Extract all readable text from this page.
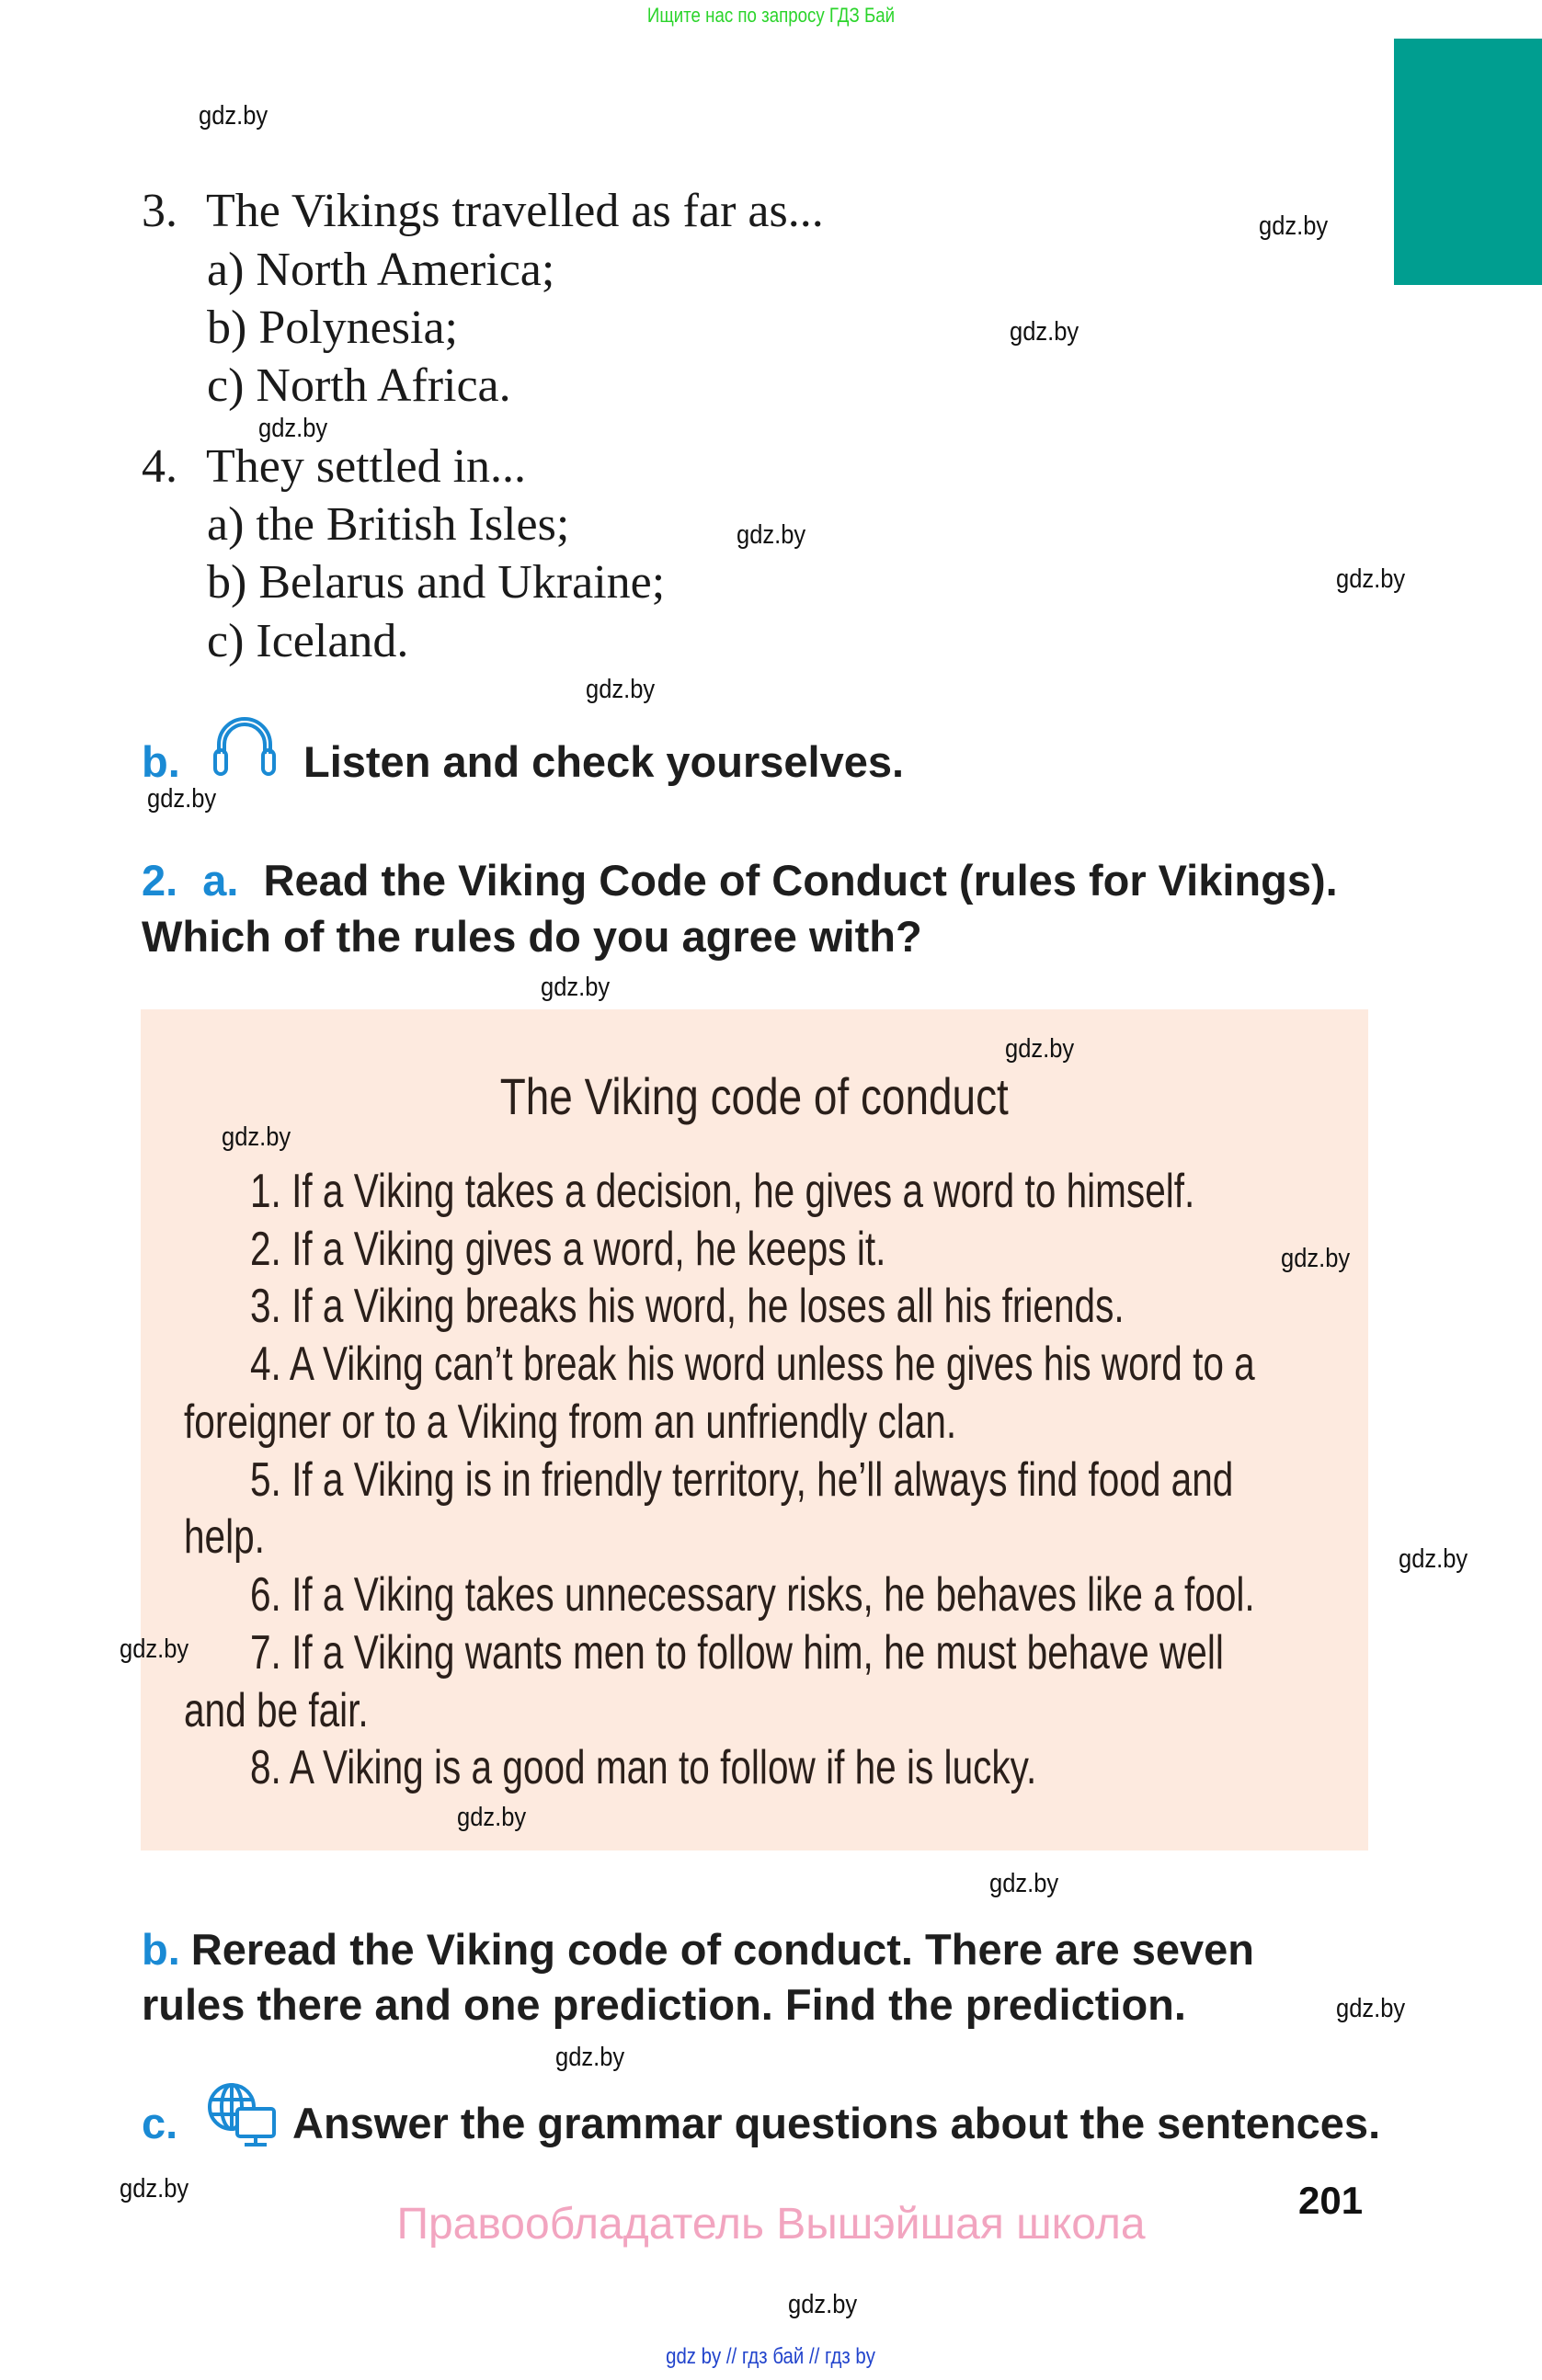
Ищите нас по запросу ГДЗ Бай
gdz.by
gdz.by
gdz.by
gdz.by
gdz.by
gdz.by
gdz.by
gdz.by
gdz.by
3. The Vikings travelled as far as...
a) North America;
b) Polynesia;
c) North Africa.
4. They settled in...
a) the British Isles;
b) Belarus and Ukraine;
c) Iceland.
b.	Listen and check yourselves.
2. a. Read the Viking Code of Conduct (rules for Vikings).
Which of the rules do you agree with?
The Viking code of conduct
gdz.by
gdz.by
1. If a Viking takes a decision, he gives a word to himself.
2. If a Viking gives a word, he keeps it.
3. If a Viking breaks his word, he loses all his friends.
4. A Viking can’t break his word unless he gives his word to a
foreigner or to a Viking from an unfriendly clan.
5. If a Viking is in friendly territory, he’ll always find food and
help.
6. If a Viking takes unnecessary risks, he behaves like a fool.
7. If a Viking wants men to follow him, he must behave well
and be fair.
8. A Viking is a good man to follow if he is lucky.
gdz.by
gdz.by
gdz.by
gdz.by
gdz.by
b. Reread the Viking code of conduct. There are seven
rules there and one prediction. Find the prediction.	gdz.by
gdz.by
c.	Answer the grammar questions about the sentences.
gdz.by	201
Правообладатель Вышэйшая школа
gdz.by
gdz by // гдз бай // гдз by
